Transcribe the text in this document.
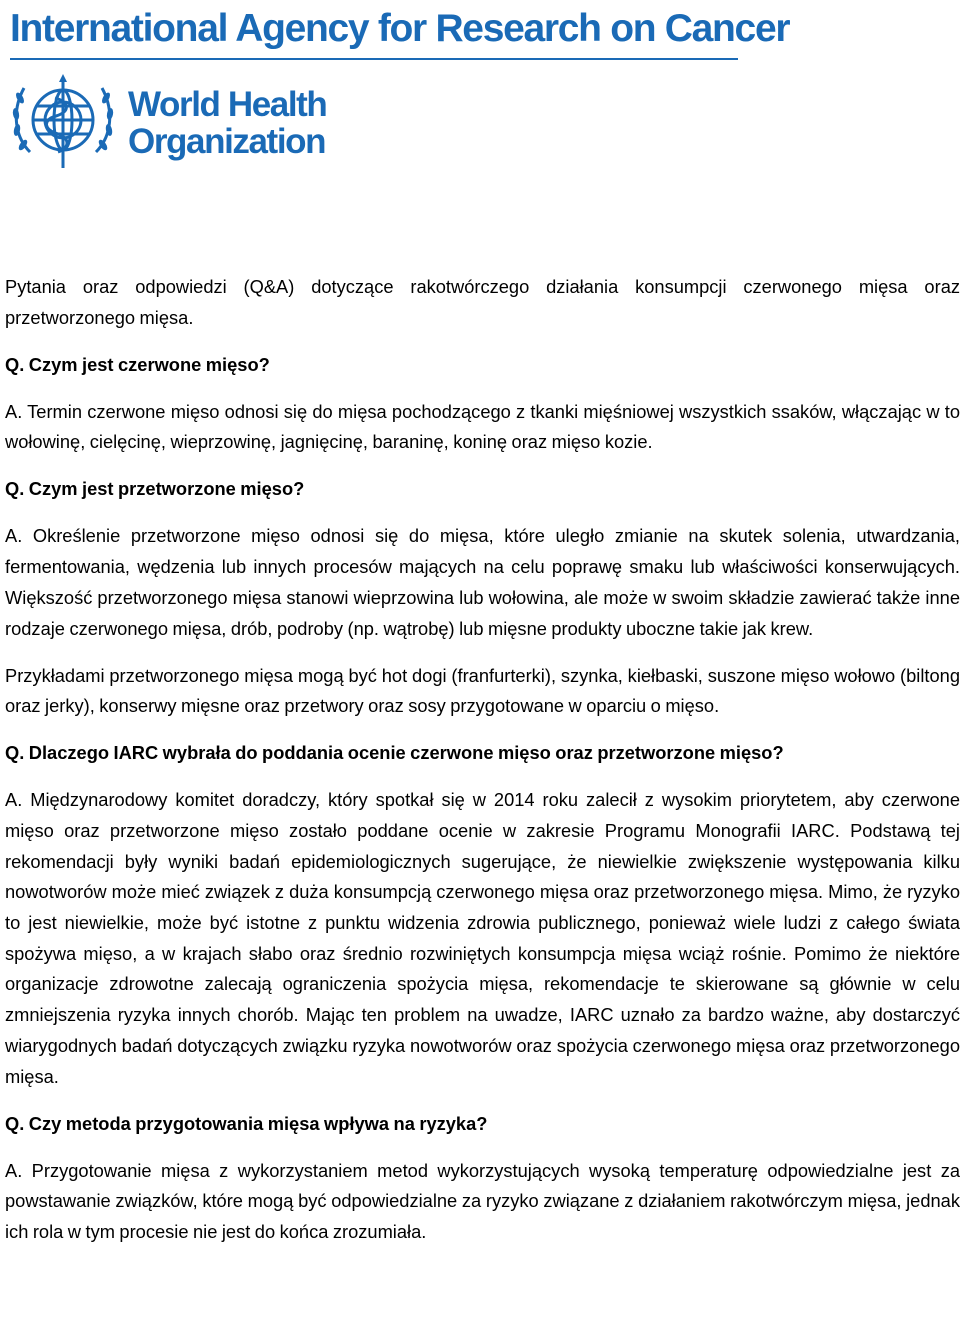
International Agency for Research on Cancer
World Health
Organization

Pytania oraz odpowiedzi (Q&A) dotyczące rakotwórczego działania konsumpcji czerwonego mięsa oraz przetworzonego mięsa.

Q. Czym jest czerwone mięso?

A. Termin czerwone mięso odnosi się do mięsa pochodzącego z tkanki mięśniowej wszystkich ssaków, włączając w to wołowinę, cielęcinę, wieprzowinę, jagnięcinę, baraninę, koninę oraz mięso kozie.

Q. Czym jest przetworzone mięso?

A. Określenie przetworzone mięso odnosi się do mięsa, które uległo zmianie na skutek solenia, utwardzania, fermentowania, wędzenia lub innych procesów mających na celu poprawę smaku lub właściwości konserwujących. Większość przetworzonego mięsa stanowi wieprzowina lub wołowina, ale może w swoim składzie zawierać także inne rodzaje czerwonego mięsa, drób, podroby (np. wątrobę) lub mięsne produkty uboczne takie jak krew.

Przykładami przetworzonego mięsa mogą być hot dogi (franfurterki), szynka, kiełbaski, suszone mięso wołowo (biltong oraz jerky), konserwy mięsne oraz przetwory oraz sosy przygotowane w oparciu o mięso.

Q. Dlaczego IARC wybrała do poddania ocenie czerwone mięso oraz przetworzone mięso?

A. Międzynarodowy komitet doradczy, który spotkał się w 2014 roku zalecił z wysokim priorytetem, aby czerwone mięso oraz przetworzone mięso zostało poddane ocenie w zakresie Programu Monografii IARC. Podstawą tej rekomendacji były wyniki badań epidemiologicznych sugerujące, że niewielkie zwiększenie występowania kilku nowotworów może mieć związek z duża konsumpcją czerwonego mięsa oraz przetworzonego mięsa. Mimo, że ryzyko to jest niewielkie, może być istotne z punktu widzenia zdrowia publicznego, ponieważ wiele ludzi z całego świata spożywa mięso, a w krajach słabo oraz średnio rozwiniętych konsumpcja mięsa wciąż rośnie. Pomimo że niektóre organizacje zdrowotne zalecają ograniczenia spożycia mięsa, rekomendacje te skierowane są głównie w celu zmniejszenia ryzyka innych chorób. Mając ten problem na uwadze, IARC uznało za bardzo ważne, aby dostarczyć wiarygodnych badań dotyczących związku ryzyka nowotworów oraz spożycia czerwonego mięsa oraz przetworzonego mięsa.

Q. Czy metoda przygotowania mięsa wpływa na ryzyka?

A. Przygotowanie mięsa z wykorzystaniem metod wykorzystujących wysoką temperaturę odpowiedzialne jest za powstawanie związków, które mogą być odpowiedzialne za ryzyko związane z działaniem rakotwórczym mięsa, jednak ich rola w tym procesie nie jest do końca zrozumiała.
